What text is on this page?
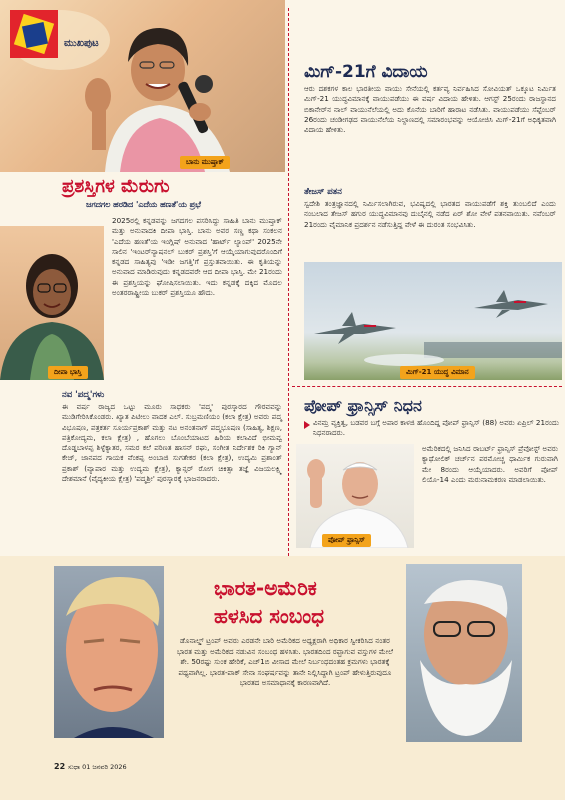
ಮುಖಪುಟ
ಬಾನು ಮುಷ್ತಾಕ್
ಪ್ರಶಸ್ತಿಗಳ ಮೆರುಗು
ಜಗದಗಲ ಹರಡಿದ 'ಎದೆಯ ಹಣತೆ'ಯ ಪ್ರಭೆ
ದೀಪಾ ಭಾಸ್ತಿ
2025ರಲ್ಲಿ ಕನ್ನಡವನ್ನು ಜಗದಗಲ ಪಸರಿಸಿದ್ದು ಸಾಹಿತಿ ಬಾನು ಮುಷ್ತಾಕ್ ಮತ್ತು ಅನುವಾದಕಿ ದೀಪಾ ಭಾಸ್ತಿ. ಬಾನು ಅವರ ಸಣ್ಣ ಕಥಾ ಸಂಕಲನ 'ಎದೆಯ ಹಣತೆ'ಯ ಇಂಗ್ಲಿಷ್ ಅನುವಾದ 'ಹಾರ್ಟ್ ಲ್ಯಾಂಪ್' 2025ನೇ ಸಾಲಿನ 'ಇಂಟರ್‌ನ್ಯಾಷನಲ್ ಬುಕರ್ ಪ್ರಶಸ್ತಿ'ಗೆ ಆಯ್ಕೆಯಾಗುವುದರೊಂದಿಗೆ ಕನ್ನಡದ ಸಾಹಿತ್ಯವು 'ಇಡೀ ಜಗತ್ತಿ'ಗೆ ಪ್ರಸ್ತುತವಾಯಿತು. ಈ ಕೃತಿಯನ್ನು ಅನುವಾದ ಮಾಡಿರುವುದು ಕನ್ನಡದವರೇ ಆದ ದೀಪಾ ಭಾಸ್ತಿ. ಮೇ 21ರಂದು ಈ ಪ್ರಶಸ್ತಿಯನ್ನು ಘೋಷಿಸಲಾಯಿತು. ಇದು ಕನ್ನಡಕ್ಕೆ ದಕ್ಕಿದ ಮೊದಲ ಅಂತರರಾಷ್ಟ್ರೀಯ ಬುಕರ್ ಪ್ರಶಸ್ತಿಯೂ ಹೌದು.
ನವ 'ಪದ್ಮ'ಗಳು
ಈ ವರ್ಷ ರಾಜ್ಯದ ಒಟ್ಟು ಮೂರು ಸಾಧಕರು 'ಪದ್ಮ' ಪುರಸ್ಕಾರದ ಗೌರವವನ್ನು ಮುಡಿಗೇರಿಸಿಕೊಂಡರು. ಖ್ಯಾತ ಪಿಟೀಲು ವಾದಕ ಎಲ್. ಸುಬ್ರಮಣಿಯಂ (ಕಲಾ ಕ್ಷೇತ್ರ) ಅವರು ಪದ್ಮ ವಿಭೂಷಣ, ಪತ್ರಕರ್ತ ಸೂರ್ಯಪ್ರಕಾಶ್ ಮತ್ತು ನಟ ಅನಂತನಾಗ್ ಪದ್ಮಭೂಷಣ (ಸಾಹಿತ್ಯ, ಶಿಕ್ಷಣ, ಪತ್ರಿಕೋದ್ಯಮ, ಕಲಾ ಕ್ಷೇತ್ರ) , ಹೊಗಲು ಬೊಂಬೆಯಾಟದ ಹಿರಿಯ ಕಲಾವಿದೆ ಭೀಮವ್ವ ದೊಡ್ಡಬಾಳಪ್ಪ ಶಿಳ್ಳೆಕ್ಯಾತರ, ಸಮರ ಕಲೆ ಪರಿಣತ ಹಾಸನ್ ರಘು, ಸಂಗೀತ ನಿರ್ದೇಶಕ ರಿಕಿ ಗ್ಯಾನ್ ಕೇಜ್, ಜಾನಪದ ಗಾಯಕ ವೆಂಕಪ್ಪ ಅಂಬಾಜಿ ಸುಗತೇಕರ (ಕಲಾ ಕ್ಷೇತ್ರ), ಉದ್ಯಮಿ ಪ್ರಶಾಂತ್ ಪ್ರಕಾಶ್ (ವ್ಯಾಪಾರ ಮತ್ತು ಉದ್ಯಮ ಕ್ಷೇತ್ರ), ಕ್ಯಾನ್ಸರ್ ರೋಗ ಚಿಕಿತ್ಸಾ ತಜ್ಞೆ ವಿಜಯಲಕ್ಷ್ಮಿ ದೇಶಮಾನೆ (ವೈದ್ಯಕೀಯ ಕ್ಷೇತ್ರ) 'ಪದ್ಮಶ್ರೀ' ಪುರಸ್ಕಾರಕ್ಕೆ ಭಾಜನರಾದರು.
ಮಿಗ್-21ಗೆ ವಿದಾಯ
ಆರು ದಶಕಗಳ ಕಾಲ ಭಾರತೀಯ ವಾಯು ಸೇನೆಯಲ್ಲಿ ಕರ್ತವ್ಯ ನಿರ್ವಹಿಸಿದ ಸೋವಿಯತ್ ಒಕ್ಕೂಟ ನಿರ್ಮಿತ ಮಿಗ್-21 ಯುದ್ಧವಿಮಾನಕ್ಕೆ ವಾಯುಪಡೆಯು ಈ ವರ್ಷ ವಿದಾಯ ಹೇಳಿತು. ಆಗಸ್ಟ್ 25ರಂದು ರಾಜಸ್ಥಾನದ ಬಿಕಾನೇರ್‌ನ ನಾಲ್ ವಾಯುನೆಲೆಯಲ್ಲಿ ಅದು ಕೊನೆಯ ಬಾರಿಗೆ ಹಾರಾಟ ನಡೆಸಿತು. ವಾಯುಪಡೆಯು ಸೆಪ್ಟೆಂಬರ್ 26ರಂದು ಚಂಡೀಗಢದ ವಾಯುನೆಲೆಯ ನಿಲ್ದಾಣದಲ್ಲಿ ಸಮಾರಂಭವನ್ನು ಆಯೋಜಿಸಿ ಮಿಗ್-21ಗೆ ಅಧಿಕೃತವಾಗಿ ವಿದಾಯ ಹೇಳಿತು.
ತೇಜಸ್ ಪತನ
ಸ್ವದೇಶಿ ತಂತ್ರಜ್ಞಾನದಲ್ಲಿ ನಿರ್ಮಿಸಲಾಗಿರುವ, ಭವಿಷ್ಯದಲ್ಲಿ ಭಾರತದ ವಾಯುಪಡೆಗೆ ಶಕ್ತಿ ತುಂಬಲಿದೆ ಎಂದು ನಂಬಲಾದ ತೇಜಸ್ ಹಗುರ ಯುದ್ಧವಿಮಾನವು ದುಬೈನಲ್ಲಿ ನಡೆದ ಏರ್ ಶೋ ವೇಳೆ ಪತನವಾಯಿತು. ನವೆಂಬರ್ 21ರಂದು ವೈಮಾನಿಕ ಪ್ರದರ್ಶನ ನಡೆಸುತ್ತಿದ್ದ ವೇಳೆ ಈ ದುರಂತ ಸಂಭವಿಸಿತು.
ಮಿಗ್-21 ಯುದ್ಧ ವಿಮಾನ
ಪೋಪ್ ಫ್ರಾನ್ಸಿಸ್ ನಿಧನ
ವಿನಮ್ರ ವ್ಯಕ್ತಿತ್ವ, ಬಡವರ ಬಗ್ಗೆ ಅಪಾರ ಕಾಳಜಿ ಹೊಂದಿದ್ದ ಪೋಪ್ ಫ್ರಾನ್ಸಿಸ್ (88) ಅವರು ಏಪ್ರಿಲ್ 21ರಂದು ನಿಧನರಾದರು.
ಪೋಪ್ ಫ್ರಾನ್ಸಿಸ್
ಅಮೆರಿಕದಲ್ಲಿ ಜನಿಸಿದ ರಾಬರ್ಟ್ ಫ್ರಾನ್ಸಿಸ್ ಪ್ರೆವೋಸ್ಟ್ ಅವರು ಕ್ಯಾಥೋಲಿಕ್ ಚರ್ಚ್‌ನ ಪರಮೋಚ್ಚ ಧಾರ್ಮಿಕ ಗುರುವಾಗಿ ಮೇ 8ರಂದು ಆಯ್ಕೆಯಾದರು. ಅವರಿಗೆ ಪೋಪ್ ಲಿಯೊ-14 ಎಂದು ಮರುನಾಮಕರಣ ಮಾಡಲಾಯಿತು.
ಭಾರತ-ಅಮೆರಿಕ
ಹಳಸಿದ ಸಂಬಂಧ
ಡೊನಾಲ್ಡ್ ಟ್ರಂಪ್ ಅವರು ಎರಡನೇ ಬಾರಿ ಅಮೆರಿಕದ ಅಧ್ಯಕ್ಷರಾಗಿ ಅಧಿಕಾರ ಸ್ವೀಕರಿಸಿದ ನಂತರ ಭಾರತ ಮತ್ತು ಅಮೆರಿಕದ ನಡುವಿನ ಸಂಬಂಧ ಹಳಸಿತು. ಭಾರತದಿಂದ ರಫ್ತಾಗುವ ವಸ್ತುಗಳ ಮೇಲೆ ಶೇ. 50ರಷ್ಟು ಸುಂಕ ಹೇರಿಕೆ, ಎಚ್1ಬಿ ವೀಸಾದ ಮೇಲೆ ನಿರ್ಬಂಧದಂತಹ ಕ್ರಮಗಳು ಭಾರತಕ್ಕೆ ಪಥ್ಯವಾಗಿಲ್ಲ. ಭಾರತ-ಪಾಕ್ ಸೇನಾ ಸಂಘರ್ಷವನ್ನು ತಾನೇ ನಿಲ್ಲಿಸಿದ್ದಾಗಿ ಟ್ರಂಪ್ ಹೇಳುತ್ತಿರುವುದೂ ಭಾರತದ ಅಸಮಾಧಾನಕ್ಕೆ ಕಾರಣವಾಗಿದೆ.
22 ಸುಧಾ 01 ಜನವರಿ 2026
